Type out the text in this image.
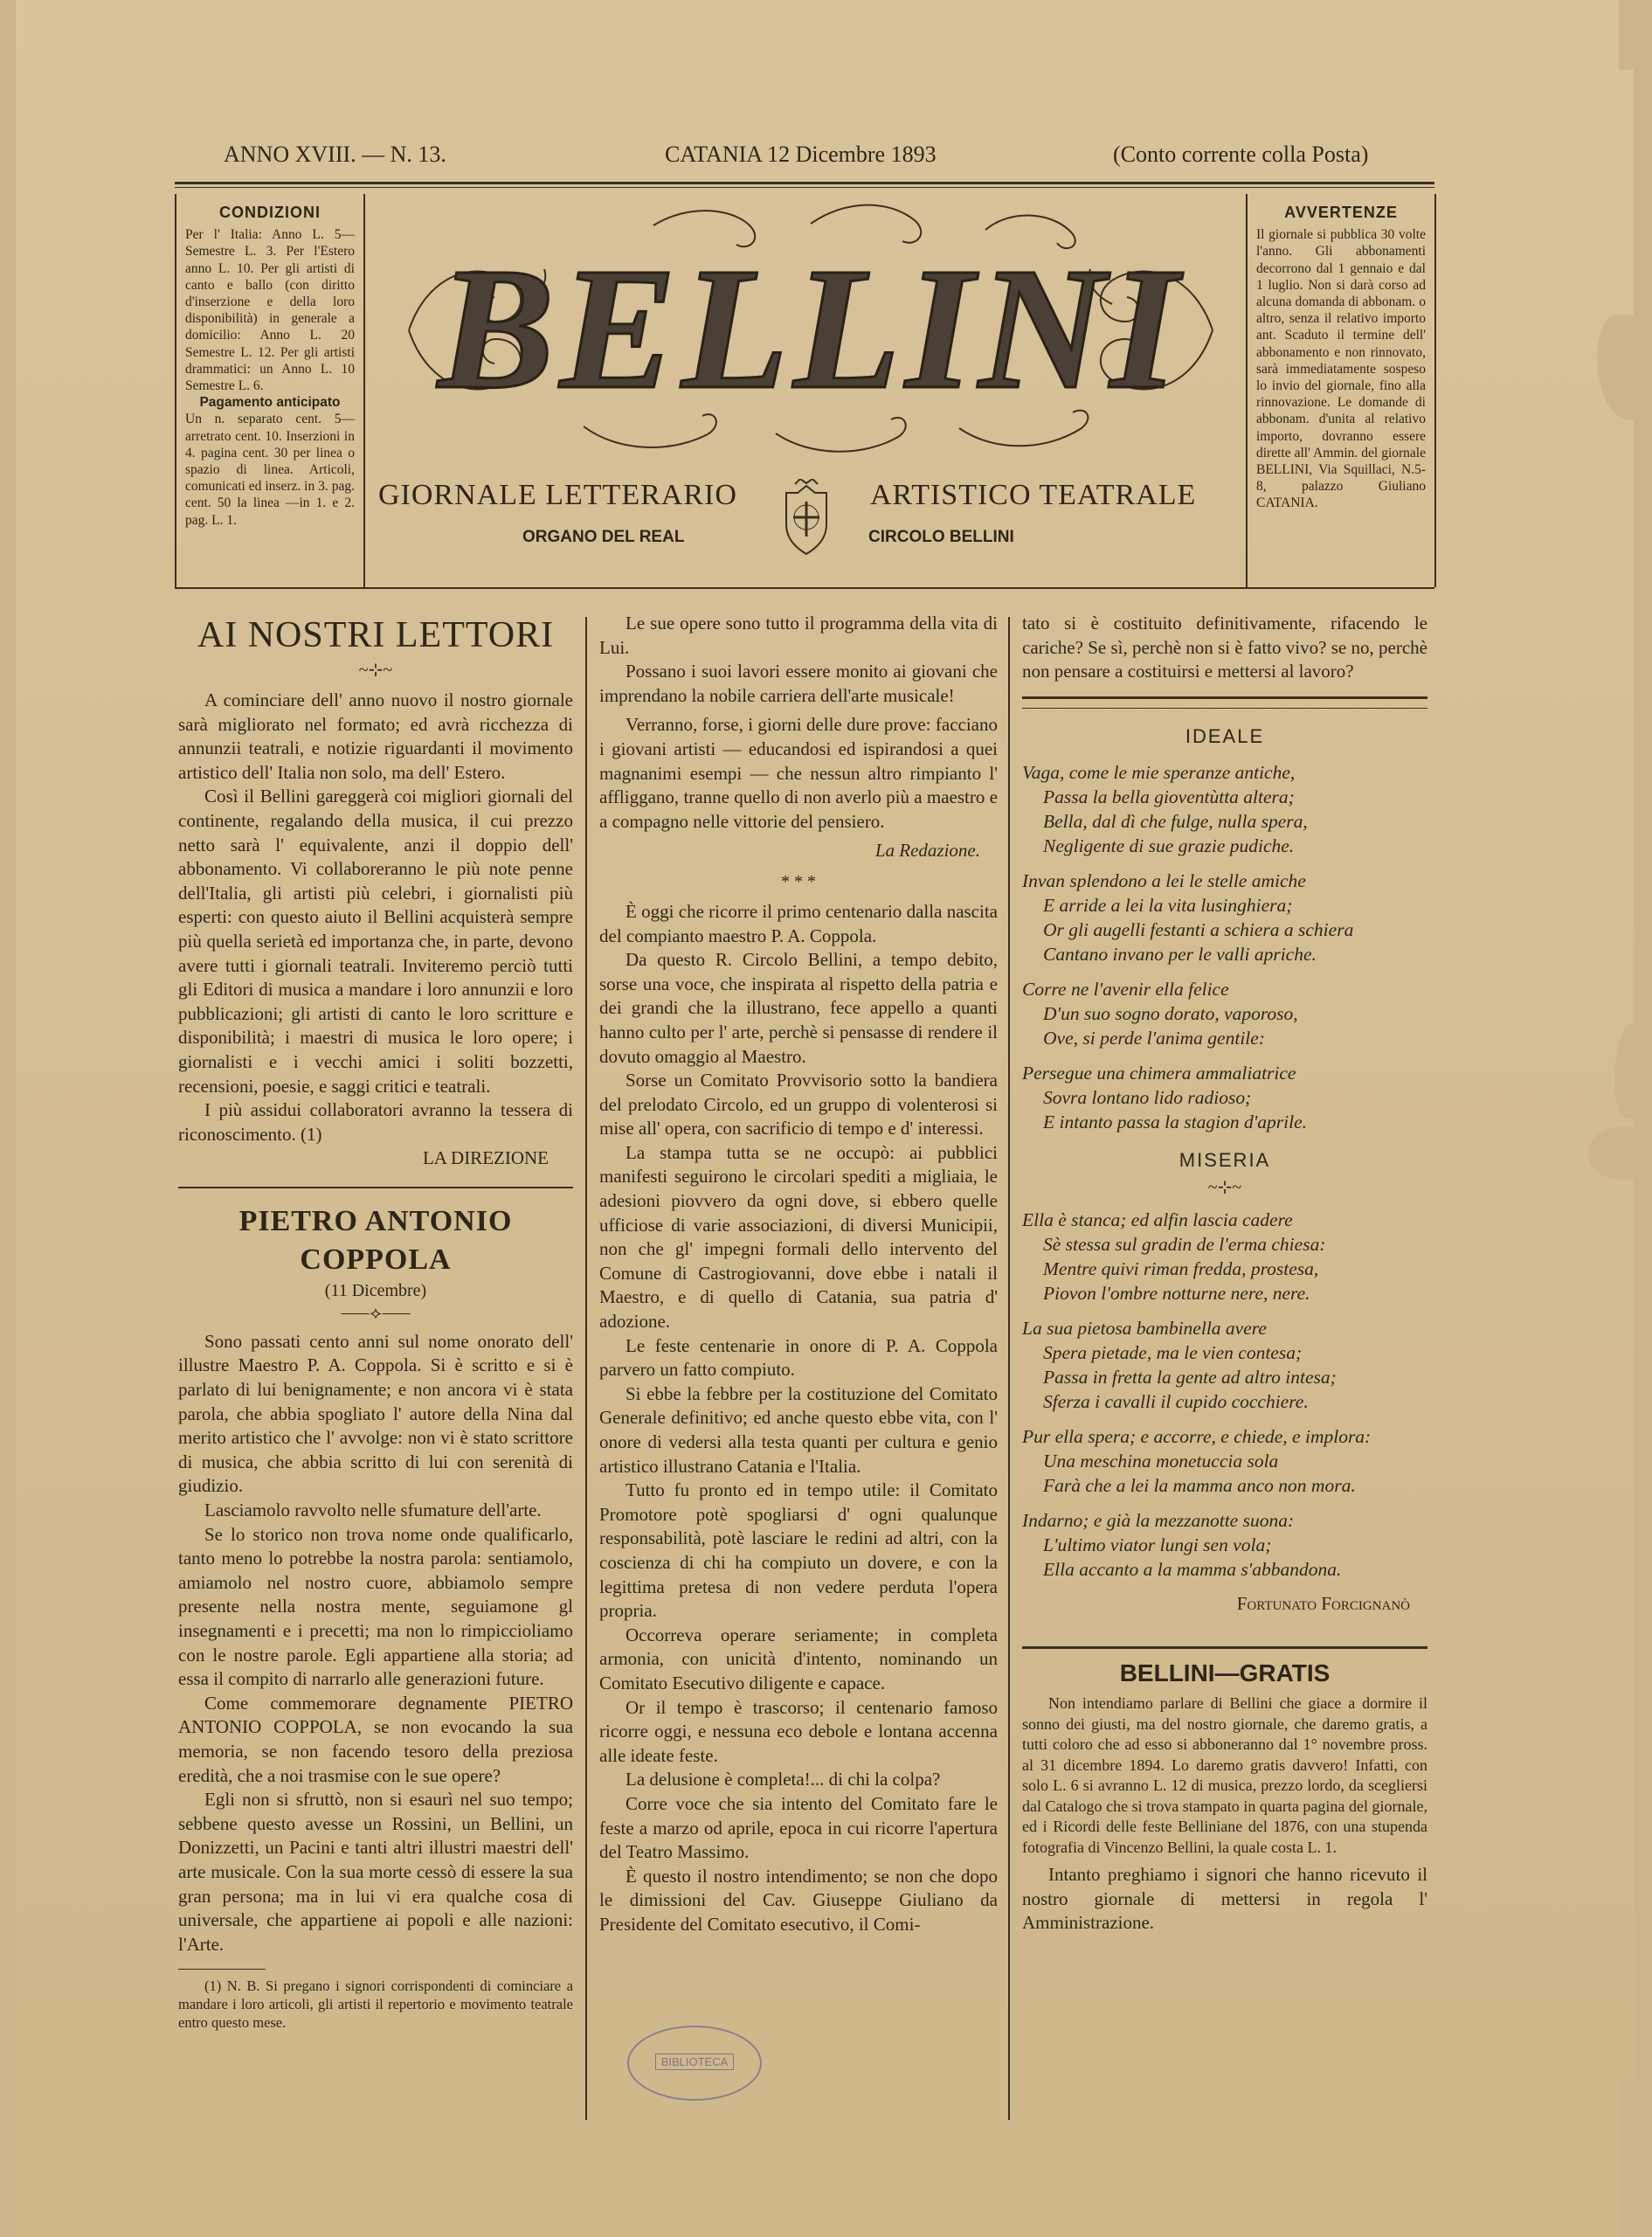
ANNO XVIII. — N. 13.	CATANIA 12 Dicembre 1893	(Conto corrente colla Posta)
CONDIZIONI

Per l' Italia: Anno L. 5—Semestre L. 3. Per l'Estero anno L. 10. Per gli artisti di canto e ballo (con diritto d'inserzione e della loro disponibilità) in generale a domicilio: Anno L. 20 Semestre L. 12. Per gli artisti drammatici: un Anno L. 10 Semestre L. 6.

Pagamento anticipato

Un n. separato cent. 5—arretrato cent. 10. Inserzioni in 4. pagina cent. 30 per linea o spazio di linea. Articoli, comunicati ed inserz. in 3. pag. cent. 50 la linea —in 1. e 2. pag. L. 1.

AVVERTENZE

Il giornale si pubblica 30 volte l'anno. Gli abbonamenti decorrono dal 1 gennaio e dal 1 luglio. Non si darà corso ad alcuna domanda di abbonam. o altro, senza il relativo importo ant. Scaduto il termine dell' abbonamento e non rinnovato, sarà immediatamente sospeso lo invio del giornale, fino alla rinnovazione. Le domande di abbonam. d'unita al relativo importo, dovranno essere dirette all' Ammin. del giornale BELLINI, Via Squillaci, N.5-8, palazzo Giuliano CATANIA.

BELLINI
GIORNALE LETTERARIO	ARTISTICO TEATRALE
ORGANO DEL REAL	CIRCOLO BELLINI
AI NOSTRI LETTORI
~⊹~

A cominciare dell' anno nuovo il nostro giornale sarà migliorato nel formato; ed avrà ricchezza di annunzii teatrali, e notizie riguardanti il movimento artistico dell' Italia non solo, ma dell' Estero.

Così il Bellini gareggerà coi migliori giornali del continente, regalando della musica, il cui prezzo netto sarà l' equivalente, anzi il doppio dell' abbonamento. Vi collaboreranno le più note penne dell'Italia, gli artisti più celebri, i giornalisti più esperti: con questo aiuto il Bellini acquisterà sempre più quella serietà ed importanza che, in parte, devono avere tutti i giornali teatrali. Inviteremo perciò tutti gli Editori di musica a mandare i loro annunzii e loro pubblicazioni; gli artisti di canto le loro scritture e disponibilità; i maestri di musica le loro opere; i giornalisti e i vecchi amici i soliti bozzetti, recensioni, poesie, e saggi critici e teatrali.

I più assidui collaboratori avranno la tessera di riconoscimento. (1)

LA DIREZIONE

PIETRO ANTONIO COPPOLA
(11 Dicembre)
⸺⟡⸺

Sono passati cento anni sul nome onorato dell' illustre Maestro P. A. Coppola. Si è scritto e si è parlato di lui benignamente; e non ancora vi è stata parola, che abbia spogliato l' autore della Nina dal merito artistico che l' avvolge: non vi è stato scrittore di musica, che abbia scritto di lui con serenità di giudizio.

Lasciamolo ravvolto nelle sfumature dell'arte.

Se lo storico non trova nome onde qualificarlo, tanto meno lo potrebbe la nostra parola: sentiamolo, amiamolo nel nostro cuore, abbiamolo sempre presente nella nostra mente, seguiamone gl insegnamenti e i precetti; ma non lo rimpiccioliamo con le nostre parole. Egli appartiene alla storia; ad essa il compito di narrarlo alle generazioni future.

Come commemorare degnamente PIETRO ANTONIO COPPOLA, se non evocando la sua memoria, se non facendo tesoro della preziosa eredità, che a noi trasmise con le sue opere?

Egli non si sfruttò, non si esaurì nel suo tempo; sebbene questo avesse un Rossini, un Bellini, un Donizzetti, un Pacini e tanti altri illustri maestri dell' arte musicale. Con la sua morte cessò di essere la sua gran persona; ma in lui vi era qualche cosa di universale, che appartiene ai popoli e alle nazioni: l'Arte.

(1) N. B. Si pregano i signori corrispondenti di cominciare a mandare i loro articoli, gli artisti il repertorio e movimento teatrale entro questo mese.

Le sue opere sono tutto il programma della vita di Lui.

Possano i suoi lavori essere monito ai giovani che imprendano la nobile carriera dell'arte musicale!

Verranno, forse, i giorni delle dure prove: facciano i giovani artisti — educandosi ed ispirandosi a quei magnanimi esempi — che nessun altro rimpianto l' affliggano, tranne quello di non averlo più a maestro e a compagno nelle vittorie del pensiero.

La Redazione.

* * *

È oggi che ricorre il primo centenario dalla nascita del compianto maestro P. A. Coppola.

Da questo R. Circolo Bellini, a tempo debito, sorse una voce, che inspirata al rispetto della patria e dei grandi che la illustrano, fece appello a quanti hanno culto per l' arte, perchè si pensasse di rendere il dovuto omaggio al Maestro.

Sorse un Comitato Provvisorio sotto la bandiera del prelodato Circolo, ed un gruppo di volenterosi si mise all' opera, con sacrificio di tempo e d' interessi.

La stampa tutta se ne occupò: ai pubblici manifesti seguirono le circolari spediti a migliaia, le adesioni piovvero da ogni dove, si ebbero quelle ufficiose di varie associazioni, di diversi Municipii, non che gl' impegni formali dello intervento del Comune di Castrogiovanni, dove ebbe i natali il Maestro, e di quello di Catania, sua patria d' adozione.

Le feste centenarie in onore di P. A. Coppola parvero un fatto compiuto.

Si ebbe la febbre per la costituzione del Comitato Generale definitivo; ed anche questo ebbe vita, con l' onore di vedersi alla testa quanti per cultura e genio artistico illustrano Catania e l'Italia.

Tutto fu pronto ed in tempo utile: il Comitato Promotore potè spogliarsi d' ogni qualunque responsabilità, potè lasciare le redini ad altri, con la coscienza di chi ha compiuto un dovere, e con la legittima pretesa di non vedere perduta l'opera propria.

Occorreva operare seriamente; in completa armonia, con unicità d'intento, nominando un Comitato Esecutivo diligente e capace.

Or il tempo è trascorso; il centenario famoso ricorre oggi, e nessuna eco debole e lontana accenna alle ideate feste.

La delusione è completa!... di chi la colpa?

Corre voce che sia intento del Comitato fare le feste a marzo od aprile, epoca in cui ricorre l'apertura del Teatro Massimo.

È questo il nostro intendimento; se non che dopo le dimissioni del Cav. Giuseppe Giuliano da Presidente del Comitato esecutivo, il Comi-

BIBLIOTECA

tato si è costituito definitivamente, rifacendo le cariche? Se sì, perchè non si è fatto vivo? se no, perchè non pensare a costituirsi e mettersi al lavoro?

IDEALE
Vaga, come le mie speranze antiche,
Passa la bella gioventùtta altera;
Bella, dal dì che fulge, nulla spera,
Negligente di sue grazie pudiche.
Invan splendono a lei le stelle amiche
E arride a lei la vita lusinghiera;
Or gli augelli festanti a schiera a schiera
Cantano invano per le valli apriche.
Corre ne l'avenir ella felice
D'un suo sogno dorato, vaporoso,
Ove, si perde l'anima gentile:
Persegue una chimera ammaliatrice
Sovra lontano lido radioso;
E intanto passa la stagion d'aprile.
MISERIA
~⊹~
Ella è stanca; ed alfin lascia cadere
Sè stessa sul gradin de l'erma chiesa:
Mentre quivi riman fredda, prostesa,
Piovon l'ombre notturne nere, nere.
La sua pietosa bambinella avere
Spera pietade, ma le vien contesa;
Passa in fretta la gente ad altro intesa;
Sferza i cavalli il cupido cocchiere.
Pur ella spera; e accorre, e chiede, e implora:
Una meschina monetuccia sola
Farà che a lei la mamma anco non mora.
Indarno; e già la mezzanotte suona:
L'ultimo viator lungi sen vola;
Ella accanto a la mamma s'abbandona.

Fortunato Forcignanò

BELLINI—GRATIS

Non intendiamo parlare di Bellini che giace a dormire il sonno dei giusti, ma del nostro giornale, che daremo gratis, a tutti coloro che ad esso si abboneranno dal 1° novembre pross. al 31 dicembre 1894. Lo daremo gratis davvero! Infatti, con solo L. 6 si avranno L. 12 di musica, prezzo lordo, da scegliersi dal Catalogo che si trova stampato in quarta pagina del giornale, ed i Ricordi delle feste Belliniane del 1876, con una stupenda fotografia di Vincenzo Bellini, la quale costa L. 1.

Intanto preghiamo i signori che hanno ricevuto il nostro giornale di mettersi in regola l' Amministrazione.
